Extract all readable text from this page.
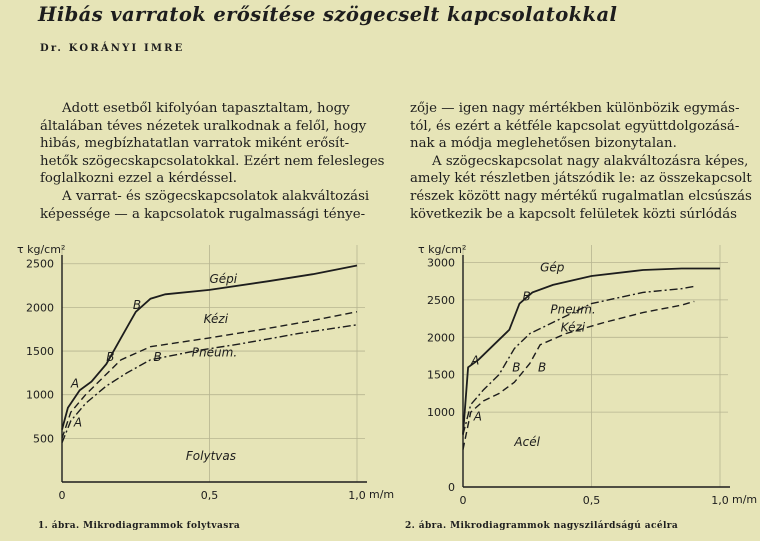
Hibás varratok erősítése szögecselt kapcsolatokkal
Dr. KORÁNYI IMRE
Adott esetből kifolyóan tapasztaltam, hogy
általában téves nézetek uralkodnak a felől, hogy
hibás, megbízhatatlan varratok miként erősít-
hetők szögecskapcsolatokkal. Ezért nem felesleges
foglalkozni ezzel a kérdéssel.
A varrat- és szögecskapcsolatok alakváltozási
képessége — a kapcsolatok rugalmassági ténye-
zője — igen nagy mértékben különbözik egymás-
tól, és ezért a kétféle kapcsolat együttdolgozásá-
nak a módja meglehetősen bizonytalan.
A szögecskapcsolat nagy alakváltozásra képes,
amely két részletben játszódik le: az összekapcsolt
részek között nagy mértékű rugalmatlan elcsúszás
következik be a kapcsolt felületek közti súrlódás
500
1000
1500
2000
2500
0	0,5	1,0
τ kg/cm²
m/m
Gépi
Kézi
Pneum.
A
A
B
B	B
Folytvas
0
1000
1500
2000
2500
3000
0	0,5	1,0
τ kg/cm²
m/m
Gép
Pneum.
Kézi
A
A
B
B B
Acél
1. ábra. Mikrodiagrammok folytvasra	2. ábra. Mikrodiagrammok nagyszilárdságú acélra
